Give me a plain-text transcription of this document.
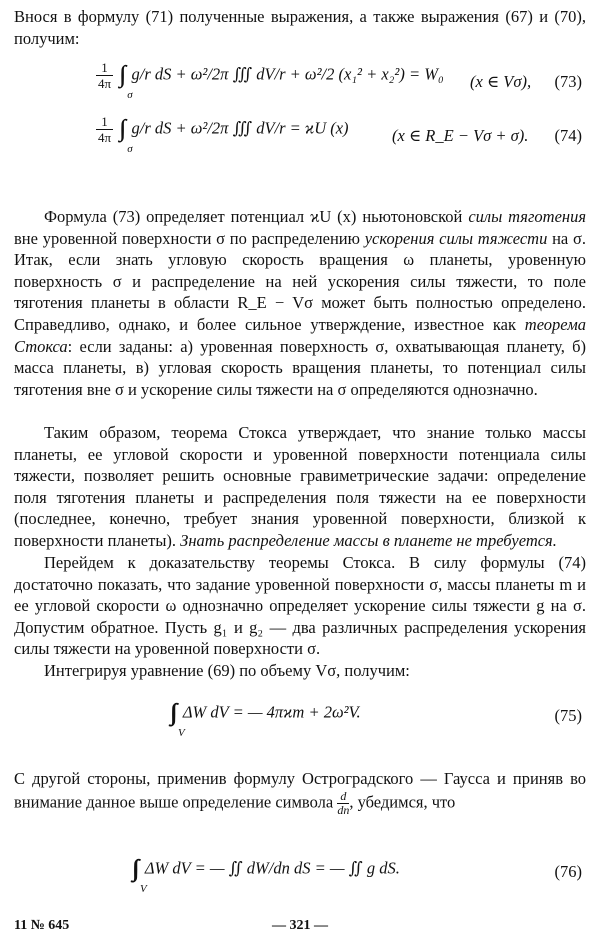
Внося в формулу (71) полученные выражения, а также выражения (67) и (70), получим:

$\frac{1}{4\pi}$ ∫∫
σ
g/r dS + ω²/2π ∭ dV/r + ω²/2 (x₁² + x₂²) = W₀ (x ∈ Vσ), (73)
$\frac{1}{4\pi}$ ∫∫
σ
g/r dS + ω²/2π ∭ dV/r = ϰU (x)	(x ∈ R_E − Vσ + σ). (74)

Формула (73) определяет потенциал ϰU (x) ньютоновской силы тяготения вне уровенной поверхности σ по распределению ускорения силы тяжести на σ. Итак, если знать угловую скорость вращения ω планеты, уровенную поверхность σ и распределение на ней ускорения силы тяжести, то поле тяготения планеты в области R_E − Vσ может быть полностью определено. Справедливо, однако, и более сильное утверждение, известное как теорема Стокса: если заданы: а) уровенная поверхность σ, охватывающая планету, б) масса планеты, в) угловая скорость вращения планеты, то потенциал силы тяготения вне σ и ускорение силы тяжести на σ определяются однозначно.

Таким образом, теорема Стокса утверждает, что знание только массы планеты, ее угловой скорости и уровенной поверхности потенциала силы тяжести, позволяет решить основные гравиметрические задачи: определение поля тяготения планеты и распределения поля тяжести на ее поверхности (последнее, конечно, требует знания уровенной поверхности, близкой к поверхности планеты). Знать распределение массы в планете не требуется.

Перейдем к доказательству теоремы Стокса. В силу формулы (74) достаточно показать, что задание уровенной поверхности σ, массы планеты m и ее угловой скорости ω однозначно определяет ускорение силы тяжести g на σ. Допустим обратное. Пусть g₁ и g₂ — два различных распределения ускорения силы тяжести на уровенной поверхности σ.

Интегрируя уравнение (69) по объему Vσ, получим:

∫∫∫
V
ΔW dV = — 4πϰm + 2ω²V.	(75)

С другой стороны, применив формулу Остроградского — Гаусса и приняв во внимание данное выше определение символа $\frac{d}{dn}$ , убедимся, что

∫∫∫
V
ΔW dV = — ∬ dW/dn dS = — ∬ g dS.	(76)
11 № 645	— 321 —
